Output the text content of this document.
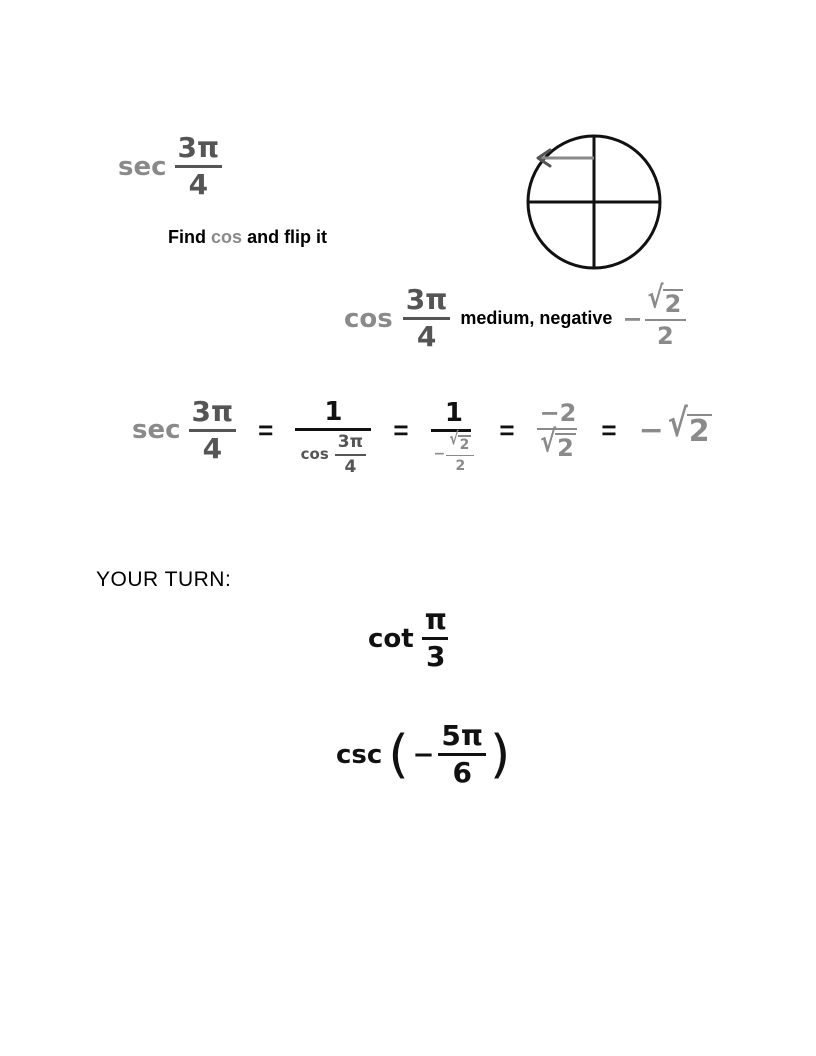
$\sec \frac{3\pi}{4}$
Find cos and flip it
$\cos \frac{3\pi}{4}$ medium, negative − $\frac{√ 2}{2}$
$\sec \frac{3\pi}{4} = \frac{1}{\cos \frac{3\pi}{4}}$ =
1
− $\frac{√ 2}{2}$
= $\frac{-2}{√ 2}$ = − √ 2
YOUR TURN:
$\cot \frac{\pi}{3}$
csc ( − $\frac{5\pi}{6}$ )
